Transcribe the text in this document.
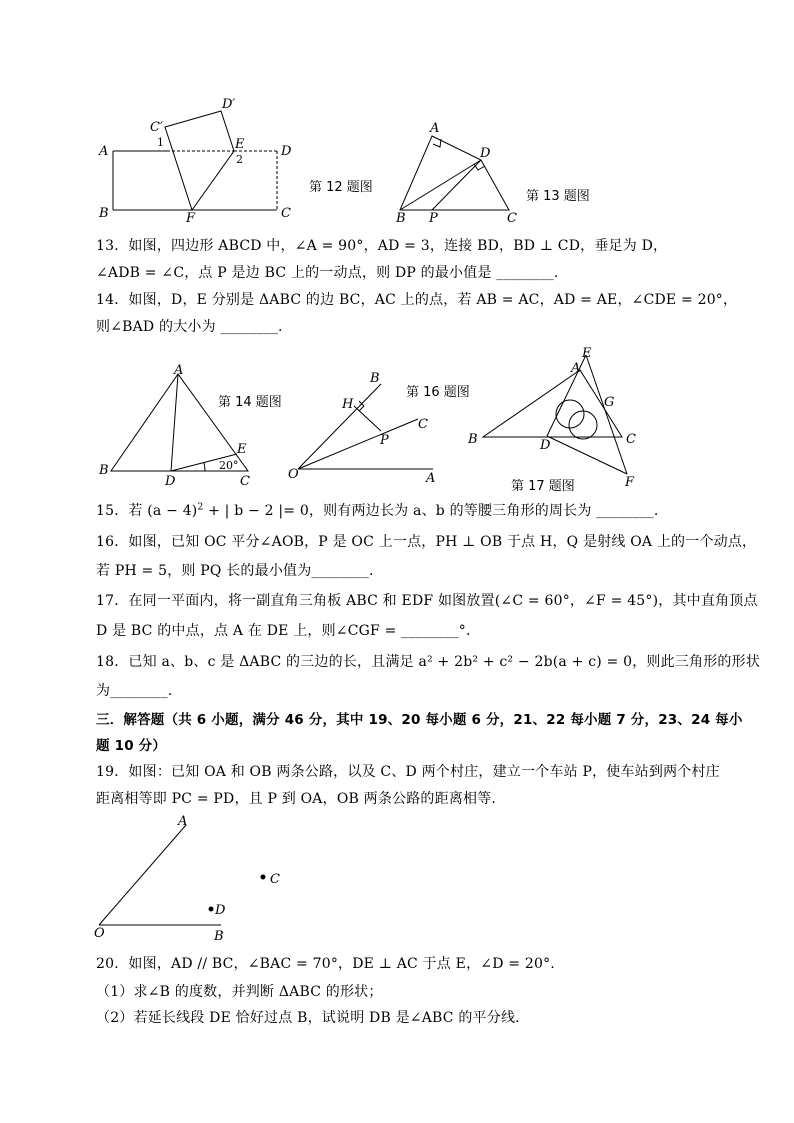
A
B
C′
D′
E	D
F	C
1
2
第 12 题图
A
D
B P	C
第 13 题图
13．如图，四边形 ABCD 中，∠A = 90°，AD = 3，连接 BD，BD ⊥ CD，垂足为 D，
∠ADB = ∠C，点 P 是边 BC 上的一动点，则 DP 的最小值是 ________.
14．如图，D，E 分别是 ΔABC 的边 BC，AC 上的点，若 AB = AC，AD = AE，∠CDE = 20°，
则∠BAD 的大小为 ________.
A
B
D
E
C
20°
第 14 题图
B
H
C
P
O	A
第 16 题图
E
A
G
B	D	C
F
第 17 题图
15．若 $(a - 4)^2$ + | b − 2 |= 0，则有两边长为 a、b 的等腰三角形的周长为 ________.
16．如图，已知 OC 平分∠AOB，P 是 OC 上一点，PH ⊥ OB 于点 H，Q 是射线 OA 上的一个动点，
若 PH = 5，则 PQ 长的最小值为________.
17．在同一平面内，将一副直角三角板 ABC 和 EDF 如图放置(∠C = 60°，∠F = 45°)，其中直角顶点
D 是 BC 的中点，点 A 在 DE 上，则∠CGF = ________°.
18．已知 a、b、c 是 ΔABC 的三边的长，且满足 a² + 2b² + c² − 2b(a + c) = 0，则此三角形的形状
为________.
三．解答题（共 6 小题，满分 46 分，其中 19、20 每小题 6 分，21、22 每小题 7 分，23、24 每小
题 10 分）
19．如图：已知 OA 和 OB 两条公路，以及 C、D 两个村庄，建立一个车站 P，使车站到两个村庄
距离相等即 PC = PD，且 P 到 OA，OB 两条公路的距离相等.
A
C
D
O	B
20．如图，AD // BC，∠BAC = 70°，DE ⊥ AC 于点 E，∠D = 20°.
（1）求∠B 的度数，并判断 ΔABC 的形状；
（2）若延长线段 DE 恰好过点 B，试说明 DB 是∠ABC 的平分线.
